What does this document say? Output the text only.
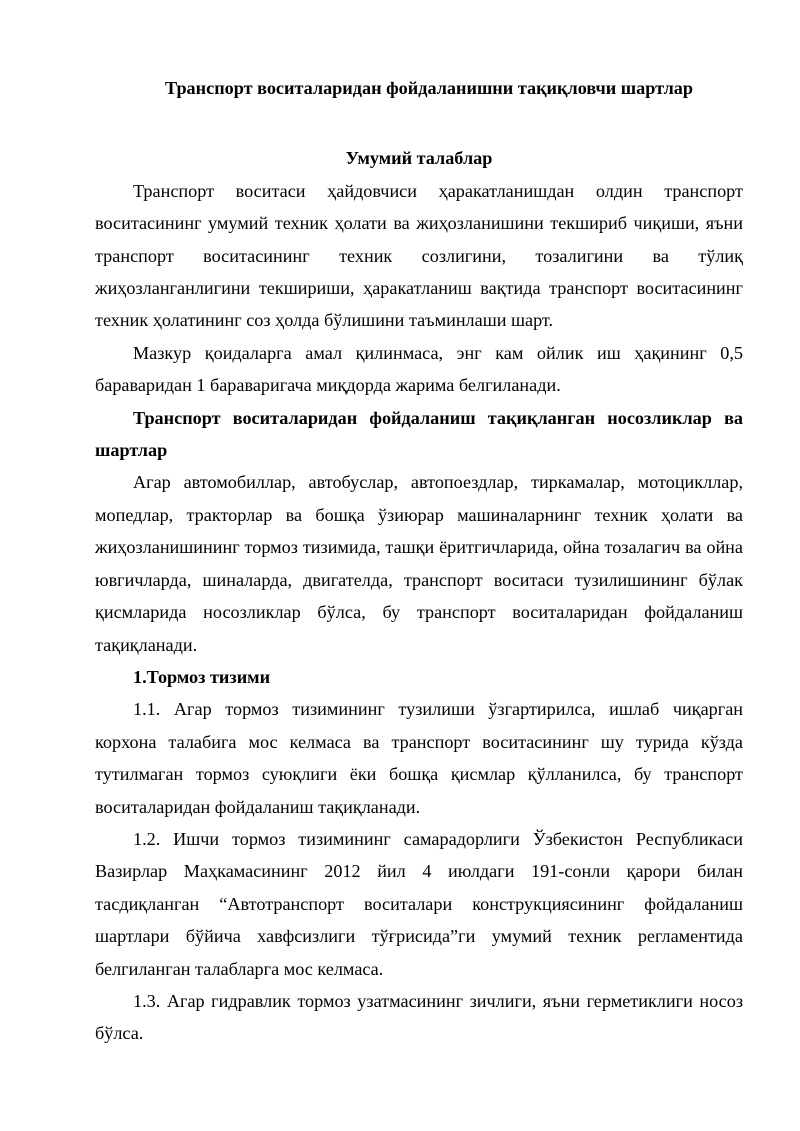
Транспорт воситаларидан фойдаланишни тақиқловчи шартлар

Умумий талаблар

Транспорт воситаси ҳайдовчиси ҳаракатланишдан олдин транспорт воситасининг умумий техник ҳолати ва жиҳозланишини текшириб чиқиши, яъни транспорт воситасининг техник созлигини, тозалигини ва тўлиқ жиҳозланганлигини текшириши, ҳаракатланиш вақтида транспорт воситасининг техник ҳолатининг соз ҳолда бўлишини таъминлаши шарт.

Мазкур қоидаларга амал қилинмаса, энг кам ойлик иш ҳақининг 0,5 бараваридан 1 бараваригача миқдорда жарима белгиланади.

Транспорт воситаларидан фойдаланиш тақиқланган носозликлар ва шартлар

Агар автомобиллар, автобуслар, автопоездлар, тиркамалар, мотоцикллар, мопедлар, тракторлар ва бошқа ўзиюрар машиналарнинг техник ҳолати ва жиҳозланишининг тормоз тизимида, ташқи ёритгичларида, ойна тозалагич ва ойна ювгичларда, шиналарда, двигателда, транспорт воситаси тузилишининг бўлак қисмларида носозликлар бўлса, бу транспорт воситаларидан фойдаланиш тақиқланади.

1.Тормоз тизими

1.1. Агар тормоз тизимининг тузилиши ўзгартирилса, ишлаб чиқарган корхона талабига мос келмаса ва транспорт воситасининг шу турида кўзда тутилмаган тормоз суюқлиги ёки бошқа қисмлар қўлланилса, бу транспорт воситаларидан фойдаланиш тақиқланади.

1.2. Ишчи тормоз тизимининг самарадорлиги Ўзбекистон Республикаси Вазирлар Маҳкамасининг 2012 йил 4 июлдаги 191-сонли қарори билан тасдиқланган “Автотранспорт воситалари конструкциясининг фойдаланиш шартлари бўйича хавфсизлиги тўғрисида”ги умумий техник регламентида белгиланган талабларга мос келмаса.

1.3. Агар гидравлик тормоз узатмасининг зичлиги, яъни герметиклиги носоз бўлса.
